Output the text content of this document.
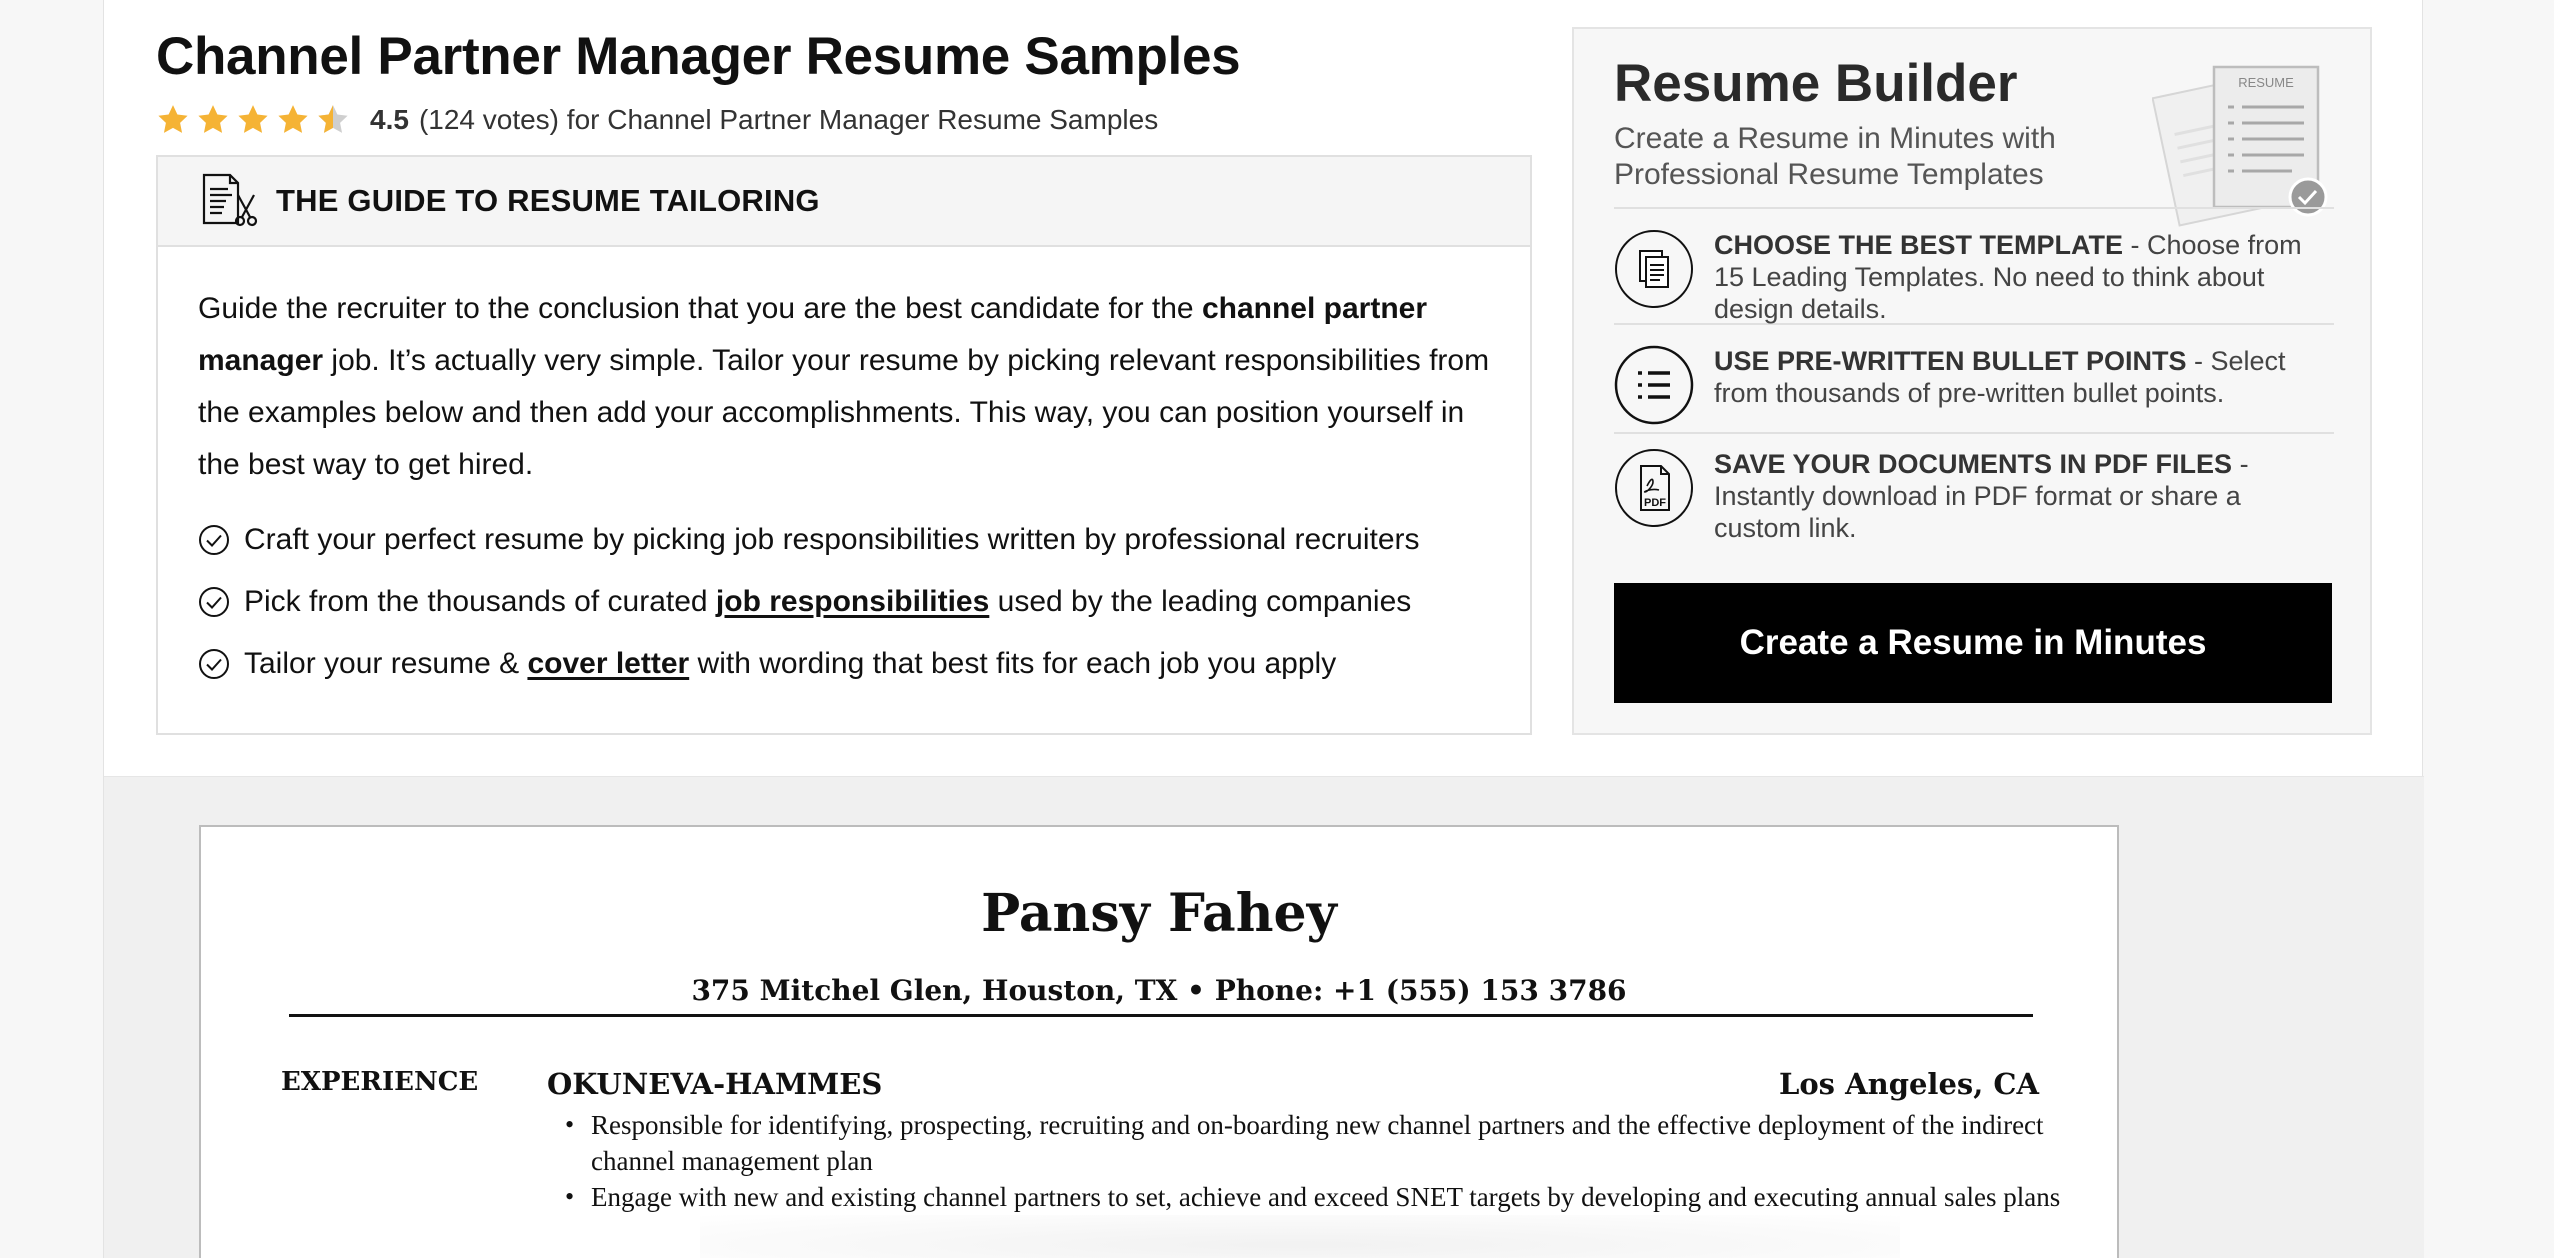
Channel Partner Manager Resume Samples
4.5 (124 votes) for Channel Partner Manager Resume Samples
THE GUIDE TO RESUME TAILORING

Guide the recruiter to the conclusion that you are the best candidate for the channel partner manager job. It’s actually very simple. Tailor your resume by picking relevant responsibilities from the examples below and then add your accomplishments. This way, you can position yourself in the best way to get hired.

Craft your perfect resume by picking job responsibilities written by professional recruiters
Pick from the thousands of curated job responsibilities used by the leading companies
Tailor your resume & cover letter with wording that best fits for each job you apply
Resume Builder

Create a Resume in Minutes with Professional Resume Templates

RESUME

CHOOSE THE BEST TEMPLATE - Choose from 15 Leading Templates. No need to think about design details.

USE PRE-WRITTEN BULLET POINTS - Select from thousands of pre-written bullet points.

PDF

SAVE YOUR DOCUMENTS IN PDF FILES - Instantly download in PDF format or share a custom link.

Create a Resume in Minutes
Pansy Fahey
375 Mitchel Glen, Houston, TX • Phone: +1 (555) 153 3786
EXPERIENCE OKUNEVA-HAMMES	Los Angeles, CA
• Responsible for identifying, prospecting, recruiting and on-boarding new channel partners and the effective deployment of the indirect channel management plan
• Engage with new and existing channel partners to set, achieve and exceed SNET targets by developing and executing annual sales plans
